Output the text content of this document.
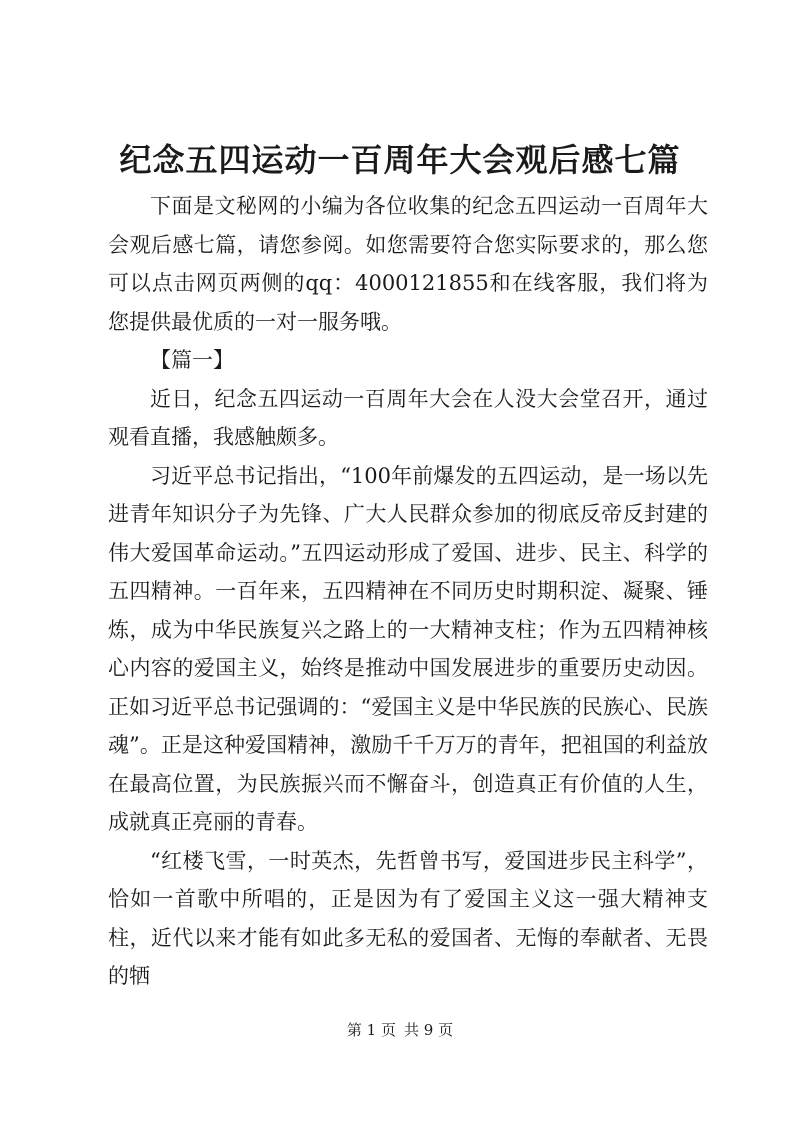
纪念五四运动一百周年大会观后感七篇

下面是文秘网的小编为各位收集的纪念五四运动一百周年大会观后感七篇，请您参阅。如您需要符合您实际要求的，那么您可以点击网页两侧的qq：4000121855和在线客服，我们将为您提供最优质的一对一服务哦。

【篇一】

近日，纪念五四运动一百周年大会在人没大会堂召开，通过观看直播，我感触颇多。

习近平总书记指出，“100年前爆发的五四运动，是一场以先进青年知识分子为先锋、广大人民群众参加的彻底反帝反封建的伟大爱国革命运动。”五四运动形成了爱国、进步、民主、科学的五四精神。一百年来，五四精神在不同历史时期积淀、凝聚、锤炼，成为中华民族复兴之路上的一大精神支柱；作为五四精神核心内容的爱国主义，始终是推动中国发展进步的重要历史动因。正如习近平总书记强调的：“爱国主义是中华民族的民族心、民族魂”。正是这种爱国精神，激励千千万万的青年，把祖国的利益放在最高位置，为民族振兴而不懈奋斗，创造真正有价值的人生，成就真正亮丽的青春。

“红楼飞雪，一时英杰，先哲曾书写，爱国进步民主科学”，恰如一首歌中所唱的，正是因为有了爱国主义这一强大精神支柱，近代以来才能有如此多无私的爱国者、无悔的奉献者、无畏的牺

第 1 页 共 9 页
